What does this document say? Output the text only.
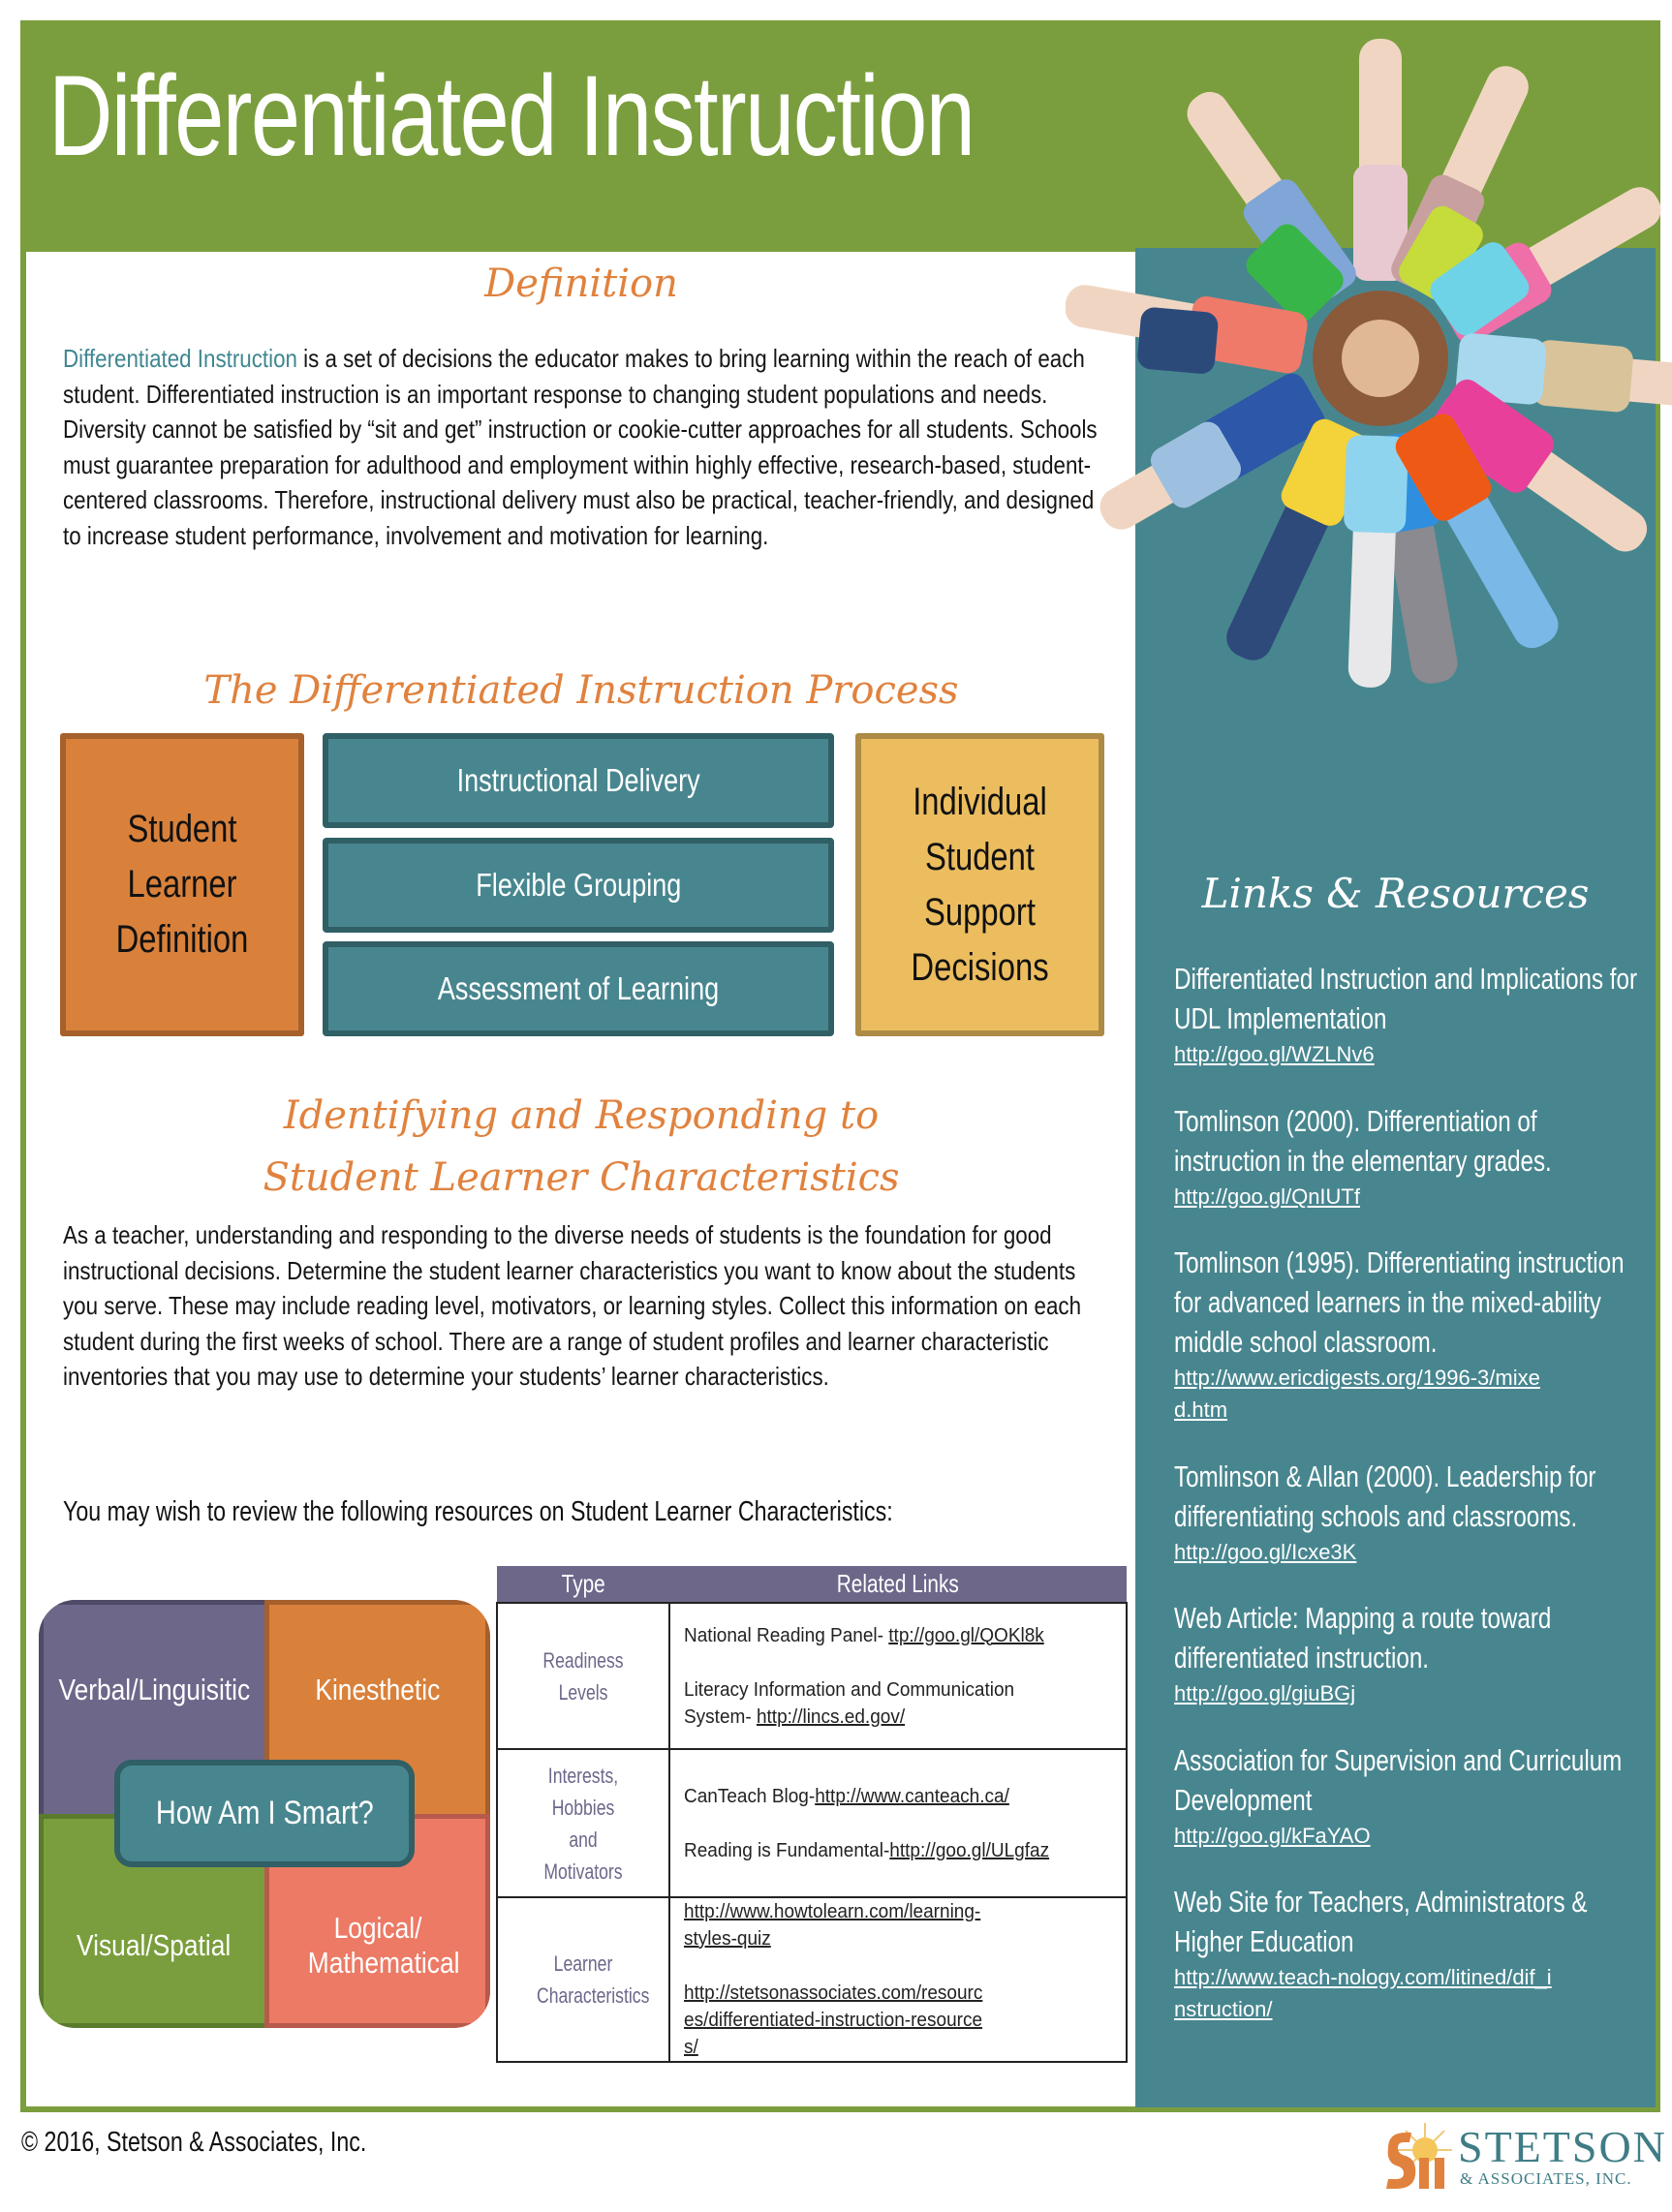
Differentiated Instruction
Definition
Differentiated Instruction is a set of decisions the educator makes to bring learning within the reach of each student. Differentiated instruction is an important response to changing student populations and needs. Diversity cannot be satisfied by “sit and get” instruction or cookie-cutter approaches for all students. Schools must guarantee preparation for adulthood and employment within highly effective, research-based, student-centered classrooms. Therefore, instructional delivery must also be practical, teacher-friendly, and designed to increase student performance, involvement and motivation for learning.
The Differentiated Instruction Process
Student Learner Definition
Instructional Delivery
Flexible Grouping
Assessment of Learning
Individual Student Support Decisions
Identifying and Responding to
Student Learner Characteristics
As a teacher, understanding and responding to the diverse needs of students is the foundation for good instructional decisions. Determine the student learner characteristics you want to know about the students you serve. These may include reading level, motivators, or learning styles. Collect this information on each student during the first weeks of school. There are a range of student profiles and learner characteristic inventories that you may use to determine your students’ learner characteristics.
You may wish to review the following resources on Student Learner Characteristics:
Verbal/Linguisitic Kinesthetic
Visual/Spatial
Logical/ Mathematical
How Am I Smart?
Type	Related Links
Readiness Levels	National Reading Panel- ttp://goo.gl/QOKl8k
Literacy Information and Communication System- http://lincs.ed.gov/

Interests, Hobbies and Motivators	CanTeach Blog-http://www.canteach.ca/
Reading is Fundamental-http://goo.gl/ULgfaz

Learner Characteristics	http://www.howtolearn.com/learning-styles-quiz
http://stetsonassociates.com/resources/differentiated-instruction-resources/
Links & Resources
Differentiated Instruction and Implications for UDL Implementation
http://goo.gl/WZLNv6
Tomlinson (2000). Differentiation of instruction in the elementary grades.
http://goo.gl/QnIUTf
Tomlinson (1995). Differentiating instruction for advanced learners in the mixed-ability middle school classroom.
http://www.ericdigests.org/1996-3/mixed.htm
Tomlinson & Allan (2000). Leadership for differentiating schools and classrooms.
http://goo.gl/Icxe3K
Web Article: Mapping a route toward differentiated instruction.
http://goo.gl/giuBGj
Association for Supervision and Curriculum Development
http://goo.gl/kFaYAO
Web Site for Teachers, Administrators & Higher Education
http://www.teach-nology.com/litined/dif_instruction/
© 2016, Stetson & Associates, Inc.	STETSON
& ASSOCIATES, INC.
